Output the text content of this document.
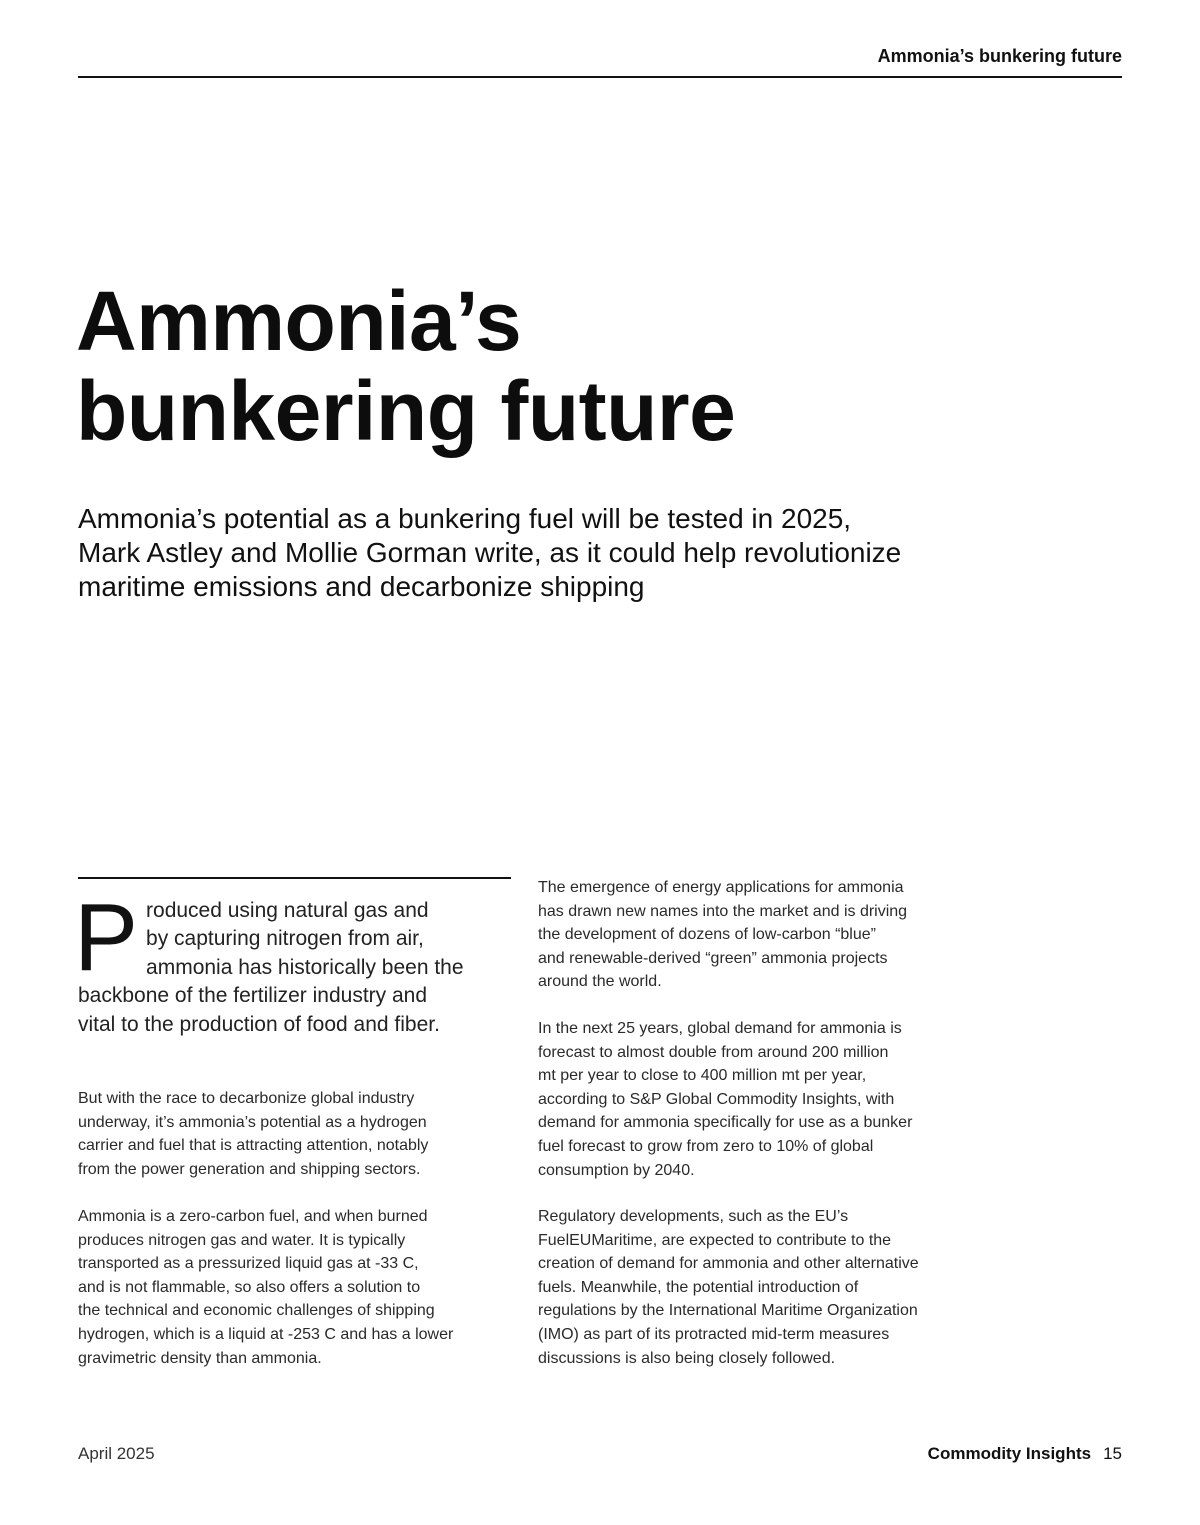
Ammonia’s bunkering future
Ammonia’s
bunkering future

Ammonia’s potential as a bunkering fuel will be tested in 2025,
Mark Astley and Mollie Gorman write, as it could help revolutionize
maritime emissions and decarbonize shipping

P roduced using natural gas and
by capturing nitrogen from air,
ammonia has historically been the
backbone of the fertilizer industry and
vital to the production of food and fiber.
But with the race to decarbonize global industry
underway, it’s ammonia’s potential as a hydrogen
carrier and fuel that is attracting attention, notably
from the power generation and shipping sectors.
Ammonia is a zero-carbon fuel, and when burned
produces nitrogen gas and water. It is typically
transported as a pressurized liquid gas at -33 C,
and is not flammable, so also offers a solution to
the technical and economic challenges of shipping
hydrogen, which is a liquid at -253 C and has a lower
gravimetric density than ammonia.
The emergence of energy applications for ammonia
has drawn new names into the market and is driving
the development of dozens of low-carbon “blue”
and renewable-derived “green” ammonia projects
around the world.
In the next 25 years, global demand for ammonia is
forecast to almost double from around 200 million
mt per year to close to 400 million mt per year,
according to S&P Global Commodity Insights, with
demand for ammonia specifically for use as a bunker
fuel forecast to grow from zero to 10% of global
consumption by 2040.
Regulatory developments, such as the EU’s
FuelEUMaritime, are expected to contribute to the
creation of demand for ammonia and other alternative
fuels. Meanwhile, the potential introduction of
regulations by the International Maritime Organization
(IMO) as part of its protracted mid-term measures
discussions is also being closely followed.
April 2025	Commodity Insights 15
